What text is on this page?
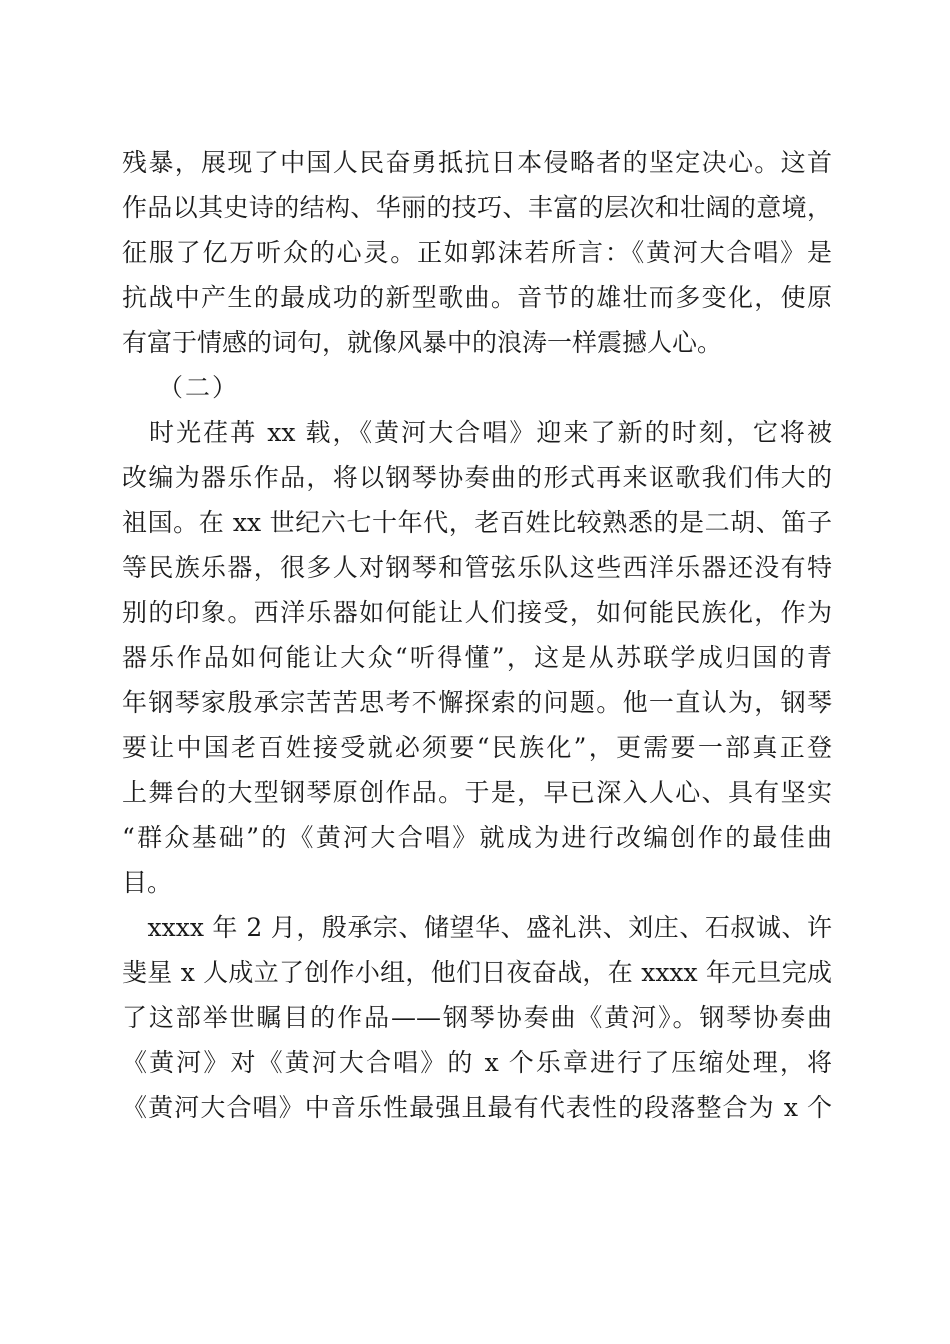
残暴，展现了中国人民奋勇抵抗日本侵略者的坚定决心。这首
作品以其史诗的结构、华丽的技巧、丰富的层次和壮阔的意境，
征服了亿万听众的心灵。正如郭沫若所言：《黄河大合唱》是
抗战中产生的最成功的新型歌曲。音节的雄壮而多变化，使原
有富于情感的词句，就像风暴中的浪涛一样震撼人心。
（二）
　时光荏苒 xx 载，《黄河大合唱》迎来了新的时刻，它将被
改编为器乐作品，将以钢琴协奏曲的形式再来讴歌我们伟大的
祖国。在 xx 世纪六七十年代，老百姓比较熟悉的是二胡、笛子
等民族乐器，很多人对钢琴和管弦乐队这些西洋乐器还没有特
别的印象。西洋乐器如何能让人们接受，如何能民族化，作为
器乐作品如何能让大众“听得懂”，这是从苏联学成归国的青
年钢琴家殷承宗苦苦思考不懈探索的问题。他一直认为，钢琴
要让中国老百姓接受就必须要“民族化”，更需要一部真正登
上舞台的大型钢琴原创作品。于是，早已深入人心、具有坚实
“群众基础”的《黄河大合唱》就成为进行改编创作的最佳曲
目。
　xxxx 年 2 月，殷承宗、储望华、盛礼洪、刘庄、石叔诚、许
斐星 x 人成立了创作小组，他们日夜奋战，在 xxxx 年元旦完成
了这部举世瞩目的作品——钢琴协奏曲《黄河》。钢琴协奏曲
《黄河》对《黄河大合唱》的 x 个乐章进行了压缩处理，将
《黄河大合唱》中音乐性最强且最有代表性的段落整合为 x 个
